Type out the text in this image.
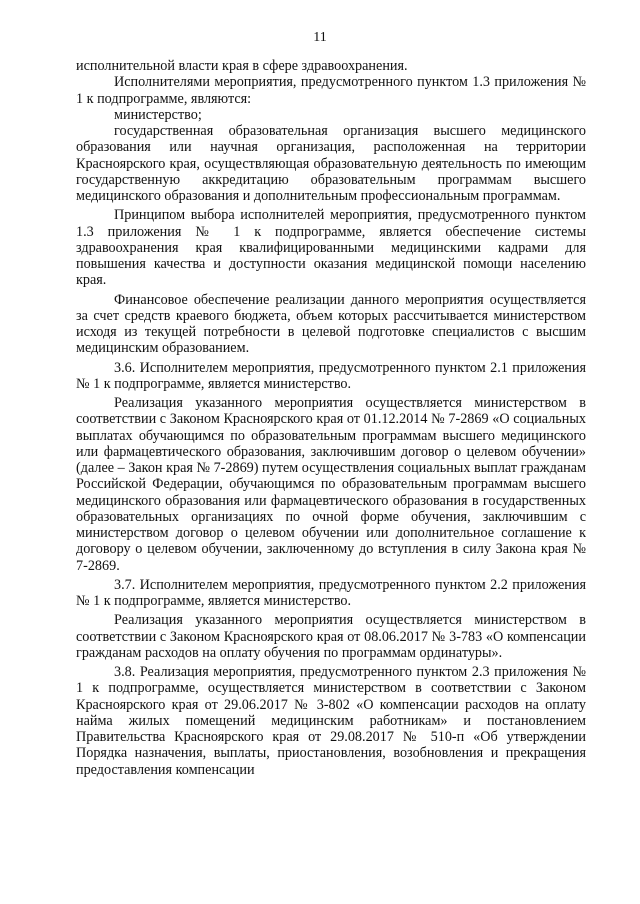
11

исполнительной власти края в сфере здравоохранения.

Исполнителями мероприятия, предусмотренного пунктом 1.3 приложения № 1 к подпрограмме, являются:

министерство;

государственная образовательная организация высшего медицинского образования или научная организация, расположенная на территории Красноярского края, осуществляющая образовательную деятельность по имеющим государственную аккредитацию образовательным программам высшего медицинского образования и дополнительным профессиональным программам.

Принципом выбора исполнителей мероприятия, предусмотренного пунктом 1.3 приложения № 1 к подпрограмме, является обеспечение системы здравоохранения края квалифицированными медицинскими кадрами для повышения качества и доступности оказания медицинской помощи населению края.

Финансовое обеспечение реализации данного мероприятия осуществляется за счет средств краевого бюджета, объем которых рассчитывается министерством исходя из текущей потребности в целевой подготовке специалистов с высшим медицинским образованием.

3.6. Исполнителем мероприятия, предусмотренного пунктом 2.1 приложения № 1 к подпрограмме, является министерство.

Реализация указанного мероприятия осуществляется министерством в соответствии с Законом Красноярского края от 01.12.2014 № 7-2869 «О социальных выплатах обучающимся по образовательным программам высшего медицинского или фармацевтического образования, заключившим договор о целевом обучении» (далее – Закон края № 7-2869) путем осуществления социальных выплат гражданам Российской Федерации, обучающимся по образовательным программам высшего медицинского образования или фармацевтического образования в государственных образовательных организациях по очной форме обучения, заключившим с министерством договор о целевом обучении или дополнительное соглашение к договору о целевом обучении, заключенному до вступления в силу Закона края № 7-2869.

3.7. Исполнителем мероприятия, предусмотренного пунктом 2.2 приложения № 1 к подпрограмме, является министерство.

Реализация указанного мероприятия осуществляется министерством в соответствии с Законом Красноярского края от 08.06.2017 № 3-783 «О компенсации гражданам расходов на оплату обучения по программам ординатуры».

3.8. Реализация мероприятия, предусмотренного пунктом 2.3 приложения № 1 к подпрограмме, осуществляется министерством в соответствии с Законом Красноярского края от 29.06.2017 № 3-802 «О компенсации расходов на оплату найма жилых помещений медицинским работникам» и постановлением Правительства Красноярского края от 29.08.2017 № 510-п «Об утверждении Порядка назначения, выплаты, приостановления, возобновления и прекращения предоставления компенсации
